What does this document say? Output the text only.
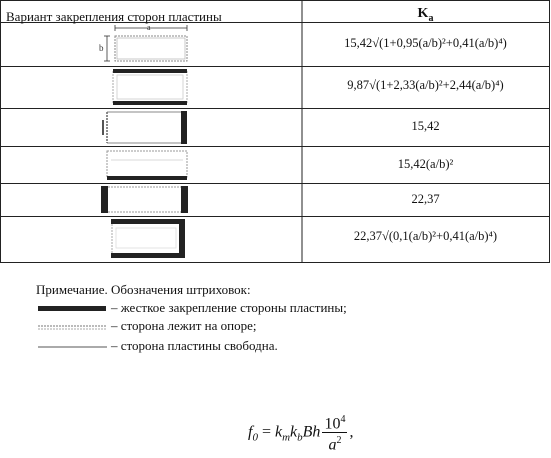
a
b
Вариант закрепления сторон пластины	$K_a$
15,42√(1+0,95(a/b)²+0,41(a/b)⁴)
9,87√(1+2,33(a/b)²+2,44(a/b)⁴)
15,42
15,42(a/b)²
22,37
22,37√(0,1(a/b)²+0,41(a/b)⁴)
Примечание. Обозначения штриховок:
– жесткое закрепление стороны пластины;
– сторона лежит на опоре;
– сторона пластины свободна.
$f_0 = k_mk_bBh \frac{10^4}{a^2}$ ,
